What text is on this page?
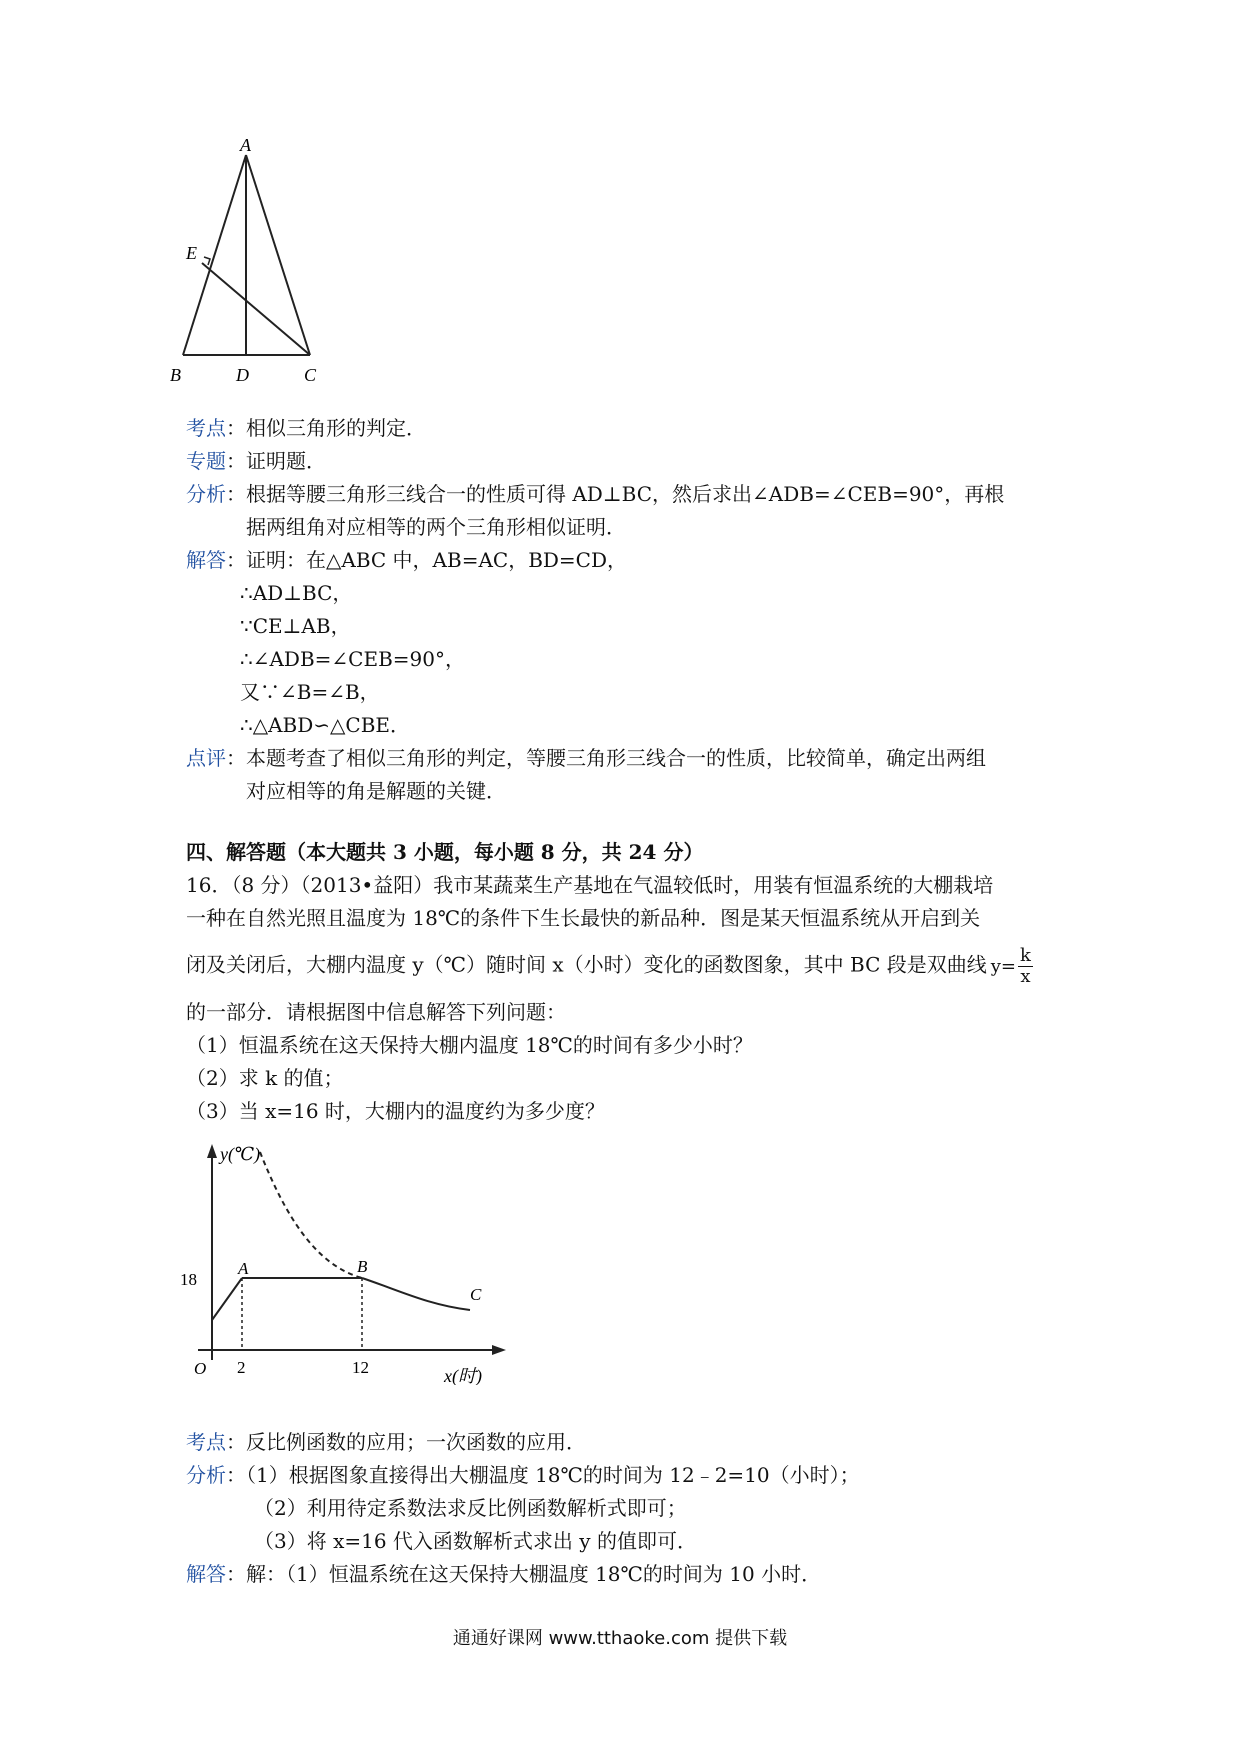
A
E
B	D	C
考点：相似三角形的判定．
专题：证明题．
分析：根据等腰三角形三线合一的性质可得 AD⊥BC，然后求出∠ADB=∠CEB=90°，再根
据两组角对应相等的两个三角形相似证明．
解答：证明：在△ABC 中，AB=AC，BD=CD，
∴AD⊥BC，
∵CE⊥AB，
∴∠ADB=∠CEB=90°，
又∵∠B=∠B，
∴△ABD∽△CBE．
点评：本题考查了相似三角形的判定，等腰三角形三线合一的性质，比较简单，确定出两组
对应相等的角是解题的关键．
四、解答题（本大题共 3 小题，每小题 8 分，共 24 分）
16．（8 分）（2013•益阳）我市某蔬菜生产基地在气温较低时，用装有恒温系统的大棚栽培
一种在自然光照且温度为 18℃的条件下生长最快的新品种．图是某天恒温系统从开启到关
闭及关闭后，大棚内温度 y（℃）随时间 x（小时）变化的函数图象，其中 BC 段是双曲线 $y= \frac{k}{x}$
的一部分．请根据图中信息解答下列问题：
（1）恒温系统在这天保持大棚内温度 18℃的时间有多少小时？
（2）求 k 的值；
（3）当 x=16 时，大棚内的温度约为多少度？
y(℃)
18
A	B
C
O 2	12	x(时)
考点：反比例函数的应用；一次函数的应用．
分析：（1）根据图象直接得出大棚温度 18℃的时间为 12﹣2=10（小时）；
（2）利用待定系数法求反比例函数解析式即可；
（3）将 x=16 代入函数解析式求出 y 的值即可．
解答：解：（1）恒温系统在这天保持大棚温度 18℃的时间为 10 小时．
通通好课网 www.tthaoke.com 提供下载
